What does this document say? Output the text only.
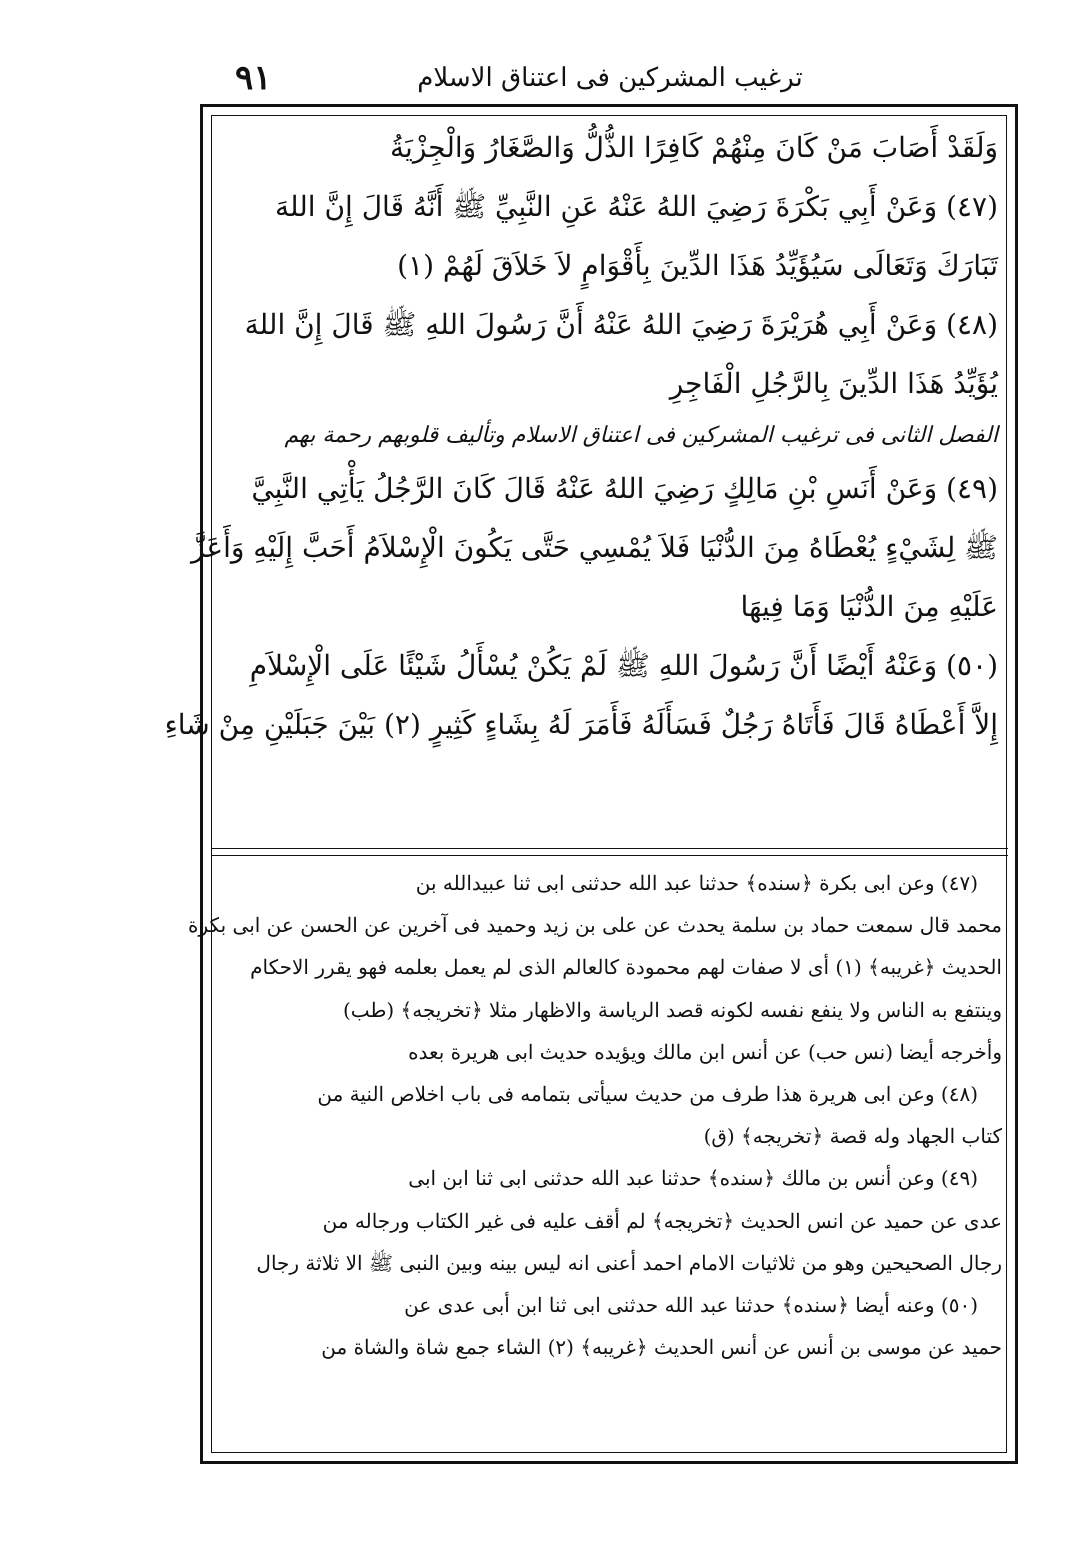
٩١	ترغيب المشركين فى اعتناق الاسلام
وَلَقَدْ أَصَابَ مَنْ كَانَ مِنْهُمْ كَافِرًا الذُّلُّ وَالصَّغَارُ وَالْجِزْيَةُ
(٤٧) وَعَنْ أَبِي بَكْرَةَ رَضِيَ اللهُ عَنْهُ عَنِ النَّبِيِّ ﷺ أَنَّهُ قَالَ إِنَّ اللهَ
تَبَارَكَ وَتَعَالَى سَيُؤَيِّدُ هَذَا الدِّينَ بِأَقْوَامٍ لاَ خَلاَقَ لَهُمْ (١)
(٤٨) وَعَنْ أَبِي هُرَيْرَةَ رَضِيَ اللهُ عَنْهُ أَنَّ رَسُولَ اللهِ ﷺ قَالَ إِنَّ اللهَ
يُؤَيِّدُ هَذَا الدِّينَ بِالرَّجُلِ الْفَاجِرِ
الفصل الثانى فى ترغيب المشركين فى اعتناق الاسلام وتأليف قلوبهم رحمة بهم
(٤٩) وَعَنْ أَنَسِ بْنِ مَالِكٍ رَضِيَ اللهُ عَنْهُ قَالَ كَانَ الرَّجُلُ يَأْتِي النَّبِيَّ
ﷺ لِشَيْءٍ يُعْطَاهُ مِنَ الدُّنْيَا فَلاَ يُمْسِي حَتَّى يَكُونَ الْإِسْلاَمُ أَحَبَّ إِلَيْهِ وَأَعَزَّ
عَلَيْهِ مِنَ الدُّنْيَا وَمَا فِيهَا
(٥٠) وَعَنْهُ أَيْضًا أَنَّ رَسُولَ اللهِ ﷺ لَمْ يَكُنْ يُسْأَلُ شَيْئًا عَلَى الْإِسْلاَمِ
إِلاَّ أَعْطَاهُ قَالَ فَأَتَاهُ رَجُلٌ فَسَأَلَهُ فَأَمَرَ لَهُ بِشَاءٍ كَثِيرٍ (٢) بَيْنَ جَبَلَيْنِ مِنْ شَاءِ
(٤٧) وعن ابى بكرة ﴿سنده﴾ حدثنا عبد الله حدثنى ابى ثنا عبيدالله بن
محمد قال سمعت حماد بن سلمة يحدث عن على بن زيد وحميد فى آخرين عن الحسن عن ابى بكرة
الحديث ﴿غريبه﴾ (١) أى لا صفات لهم محمودة كالعالم الذى لم يعمل بعلمه فهو يقرر الاحكام
وينتفع به الناس ولا ينفع نفسه لكونه قصد الرياسة والاظهار مثلا ﴿تخريجه﴾ (طب)
وأخرجه أيضا (نس حب) عن أنس ابن مالك ويؤيده حديث ابى هريرة بعده
(٤٨) وعن ابى هريرة هذا طرف من حديث سيأتى بتمامه فى باب اخلاص النية من
كتاب الجهاد وله قصة ﴿تخريجه﴾ (ق)
(٤٩) وعن أنس بن مالك ﴿سنده﴾ حدثنا عبد الله حدثنى ابى ثنا ابن ابى
عدى عن حميد عن انس الحديث ﴿تخريجه﴾ لم أقف عليه فى غير الكتاب ورجاله من
رجال الصحيحين وهو من ثلاثيات الامام احمد أعنى انه ليس بينه وبين النبى ﷺ الا ثلاثة رجال
(٥٠) وعنه أيضا ﴿سنده﴾ حدثنا عبد الله حدثنى ابى ثنا ابن أبى عدى عن
حميد عن موسى بن أنس عن أنس الحديث ﴿غريبه﴾ (٢) الشاء جمع شاة والشاة من
